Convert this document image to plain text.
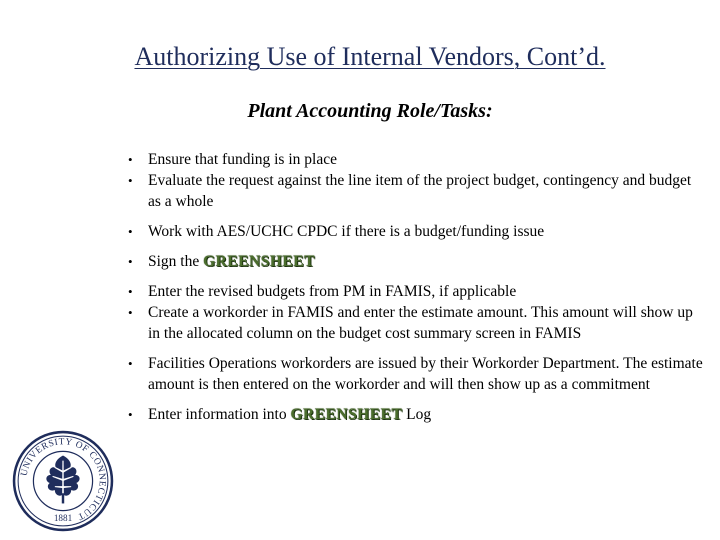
Authorizing Use of Internal Vendors, Cont’d.
Plant Accounting Role/Tasks:
• Ensure that funding is in place
• Evaluate the request against the line item of the project budget, contingency and budget as a whole
• Work with AES/UCHC CPDC if there is a budget/funding issue
• Sign the GREENSHEET
• Enter the revised budgets from PM in FAMIS, if applicable
• Create a workorder in FAMIS and enter the estimate amount. This amount will show up in the allocated column on the budget cost summary screen in FAMIS
• Facilities Operations workorders are issued by their Workorder Department. The estimate amount is then entered on the workorder and will then show up as a commitment
• Enter information into GREENSHEET Log
UNIVERSITY OF CONNECTICUT
1881
